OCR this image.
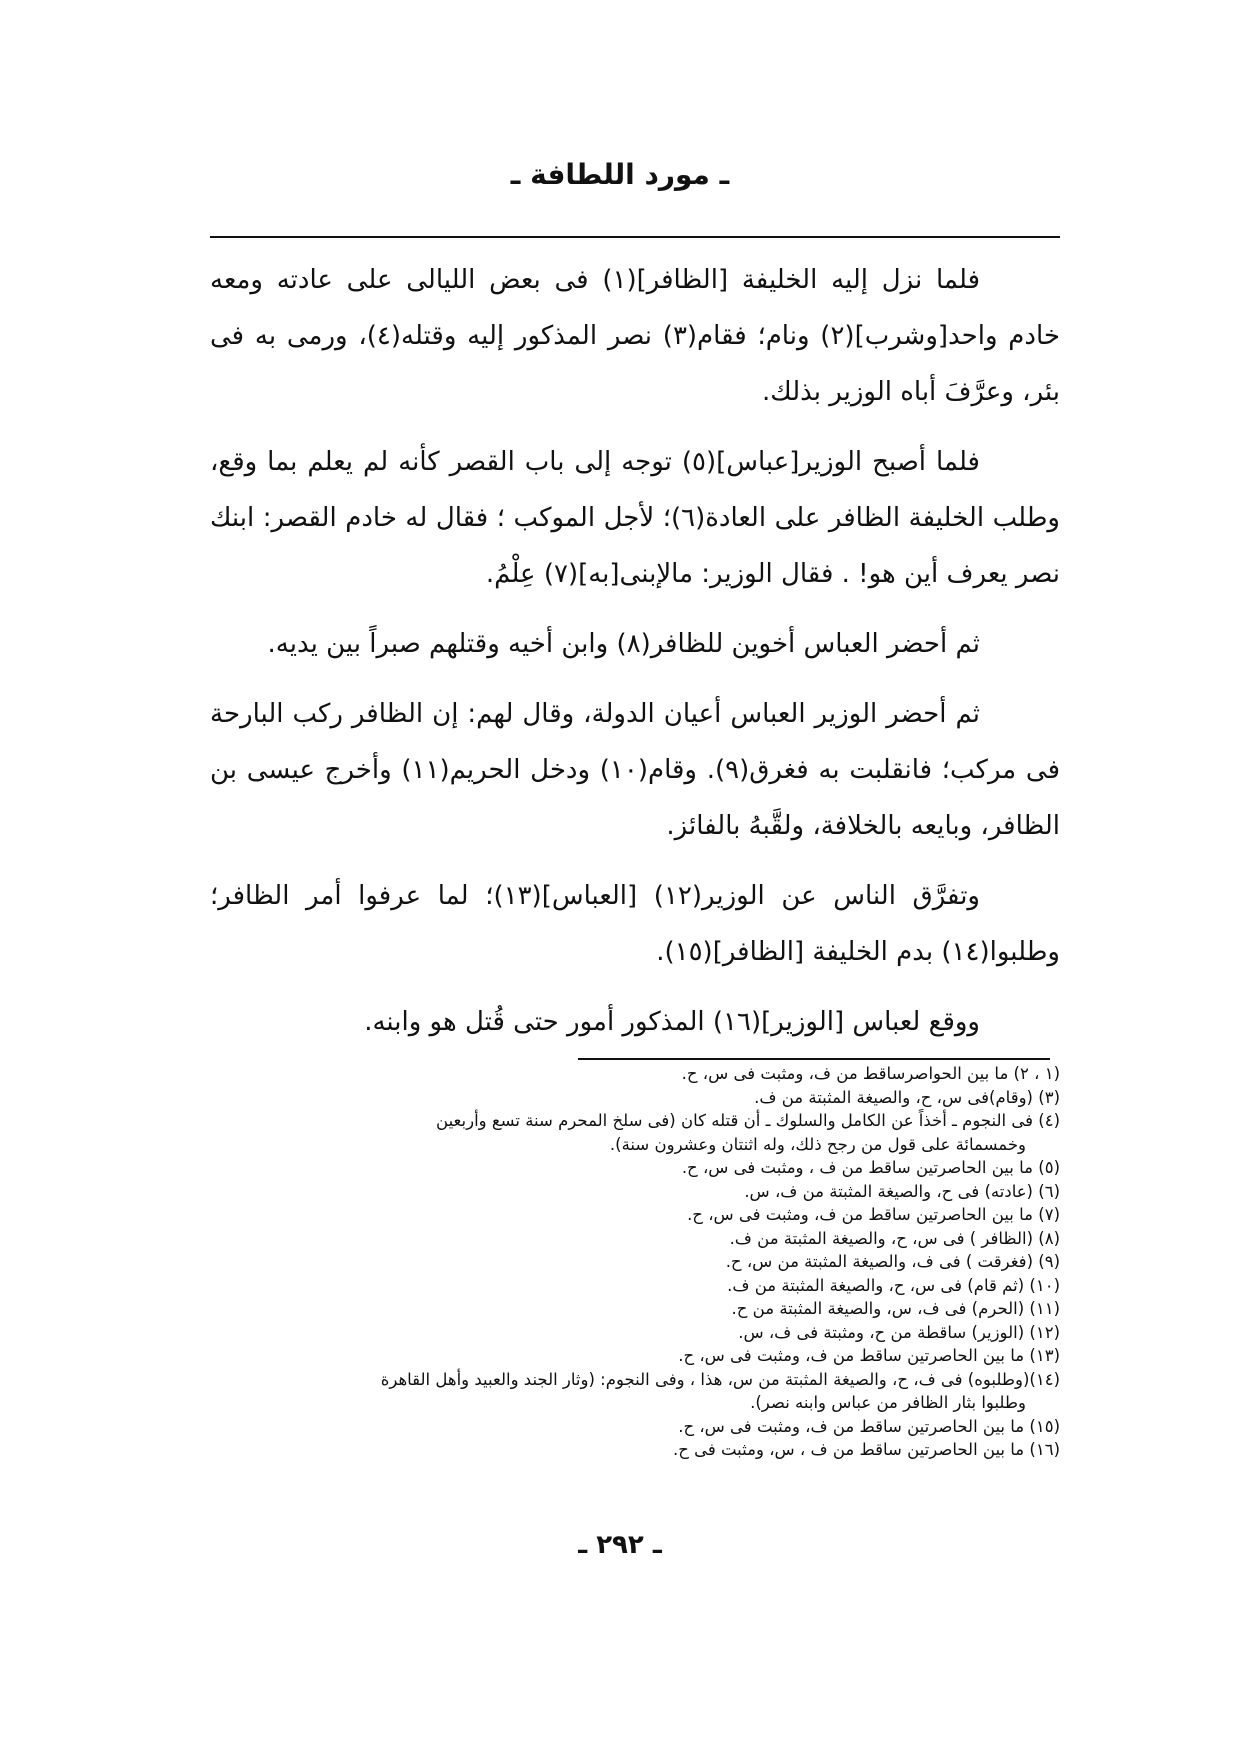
ـ مورد اللطافة ـ

فلما نزل إليه الخليفة [الظافر](١) فى بعض الليالى على عادته ومعه خادم واحد[وشرب](٢) ونام؛ فقام(٣) نصر المذكور إليه وقتله(٤)، ورمى به فى بئر، وعرَّفَ أباه الوزير بذلك.

فلما أصبح الوزير[عباس](٥) توجه إلى باب القصر كأنه لم يعلم بما وقع، وطلب الخليفة الظافر على العادة(٦)؛ لأجل الموكب ؛ فقال له خادم القصر: ابنك نصر يعرف أين هو! . فقال الوزير: مالإبنى[به](٧) عِلْمُ.

ثم أحضر العباس أخوين للظافر(٨) وابن أخيه وقتلهم صبراً بين يديه.

ثم أحضر الوزير العباس أعيان الدولة، وقال لهم: إن الظافر ركب البارحة فى مركب؛ فانقلبت به فغرق(٩). وقام(١٠) ودخل الحريم(١١) وأخرج عيسى بن الظافر، وبايعه بالخلافة، ولقَّبهُ بالفائز.

وتفرَّق الناس عن الوزير(١٢) [العباس](١٣)؛ لما عرفوا أمر الظافر؛ وطلبوا(١٤) بدم الخليفة [الظافر](١٥).

ووقع لعباس [الوزير](١٦) المذكور أمور حتى قُتل هو وابنه.

(١ ، ٢) ما بين الحواصرساقط من ف، ومثبت فى س، ح.

(٣) (وقام)فى س، ح، والصيغة المثبتة من ف.

(٤) فى النجوم ـ أخذاً عن الكامل والسلوك ـ أن قتله كان (فى سلخ المحرم سنة تسع وأربعين

وخمسمائة على قول من رجح ذلك، وله اثنتان وعشرون سنة).

(٥) ما بين الحاصرتين ساقط من ف ، ومثبت فى س، ح.

(٦) (عادته) فى ح، والصيغة المثبتة من ف، س.

(٧) ما بين الحاصرتين ساقط من ف، ومثبت فى س، ح.

(٨) (الظافر ) فى س، ح، والصيغة المثبتة من ف.

(٩) (فغرقت ) فى ف، والصيغة المثبتة من س، ح.

(١٠) (ثم قام) فى س، ح، والصيغة المثبتة من ف.

(١١) (الحرم) فى ف، س، والصيغة المثبتة من ح.

(١٢) (الوزير) ساقطة من ح، ومثبتة فى ف، س.

(١٣) ما بين الحاصرتين ساقط من ف، ومثبت فى س، ح.

(١٤)(وطلبوه) فى ف، ح، والصيغة المثبتة من س، هذا ، وفى النجوم: (وثار الجند والعبيد وأهل القاهرة

وطلبوا بثار الظافر من عباس وابنه نصر).

(١٥) ما بين الحاصرتين ساقط من ف، ومثبت فى س، ح.

(١٦) ما بين الحاصرتين ساقط من ف ، س، ومثبت فى ح.

ـ ٢٩٢ ـ
